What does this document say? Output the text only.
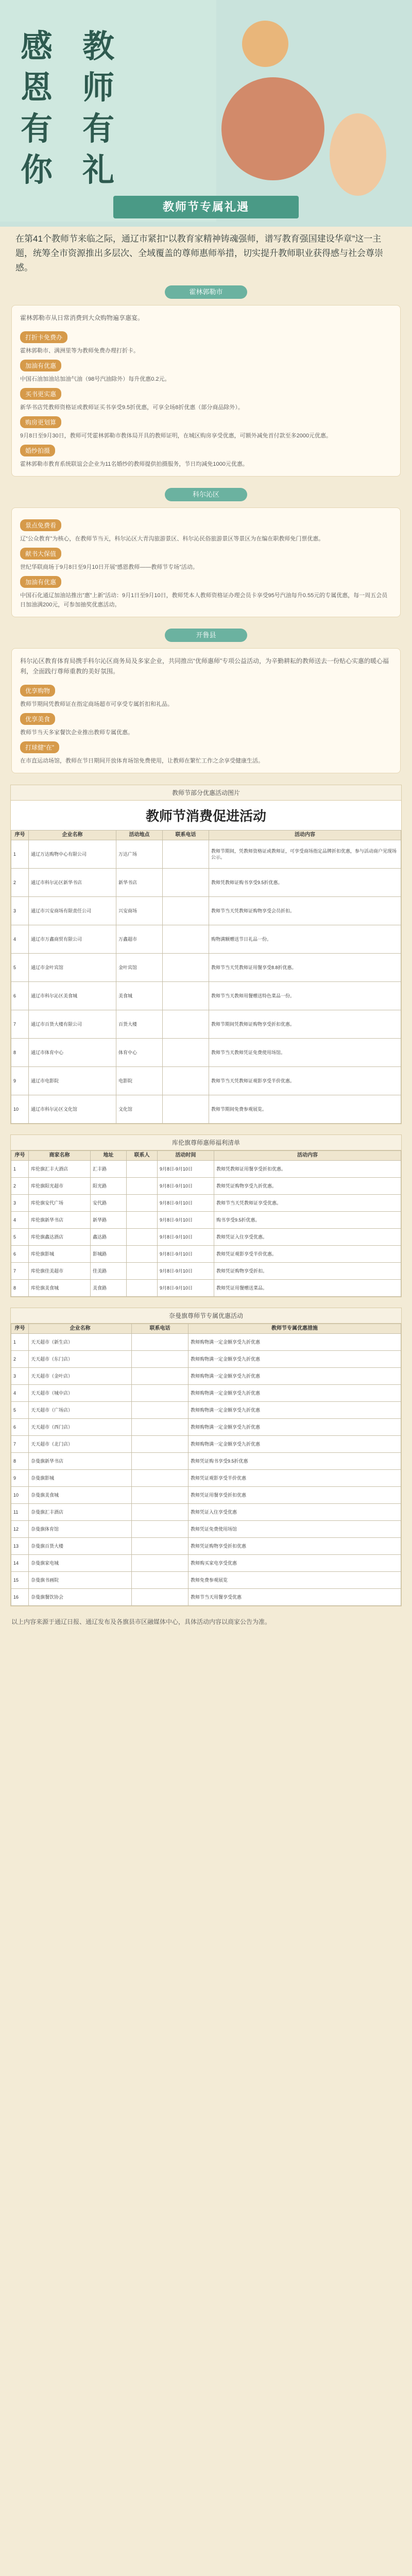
感
恩
有
你
教
师
有
礼
教师节专属礼遇
在第41个教师节来临之际，通辽市紧扣“以教育家精神铸魂强师，谱写教育强国建设华章”这一主题，统筹全市资源推出多层次、全域覆盖的尊师惠师举措，切实提升教师职业获得感与社会尊崇感。
霍林郭勒市
霍林郭勒市从日常消费到大众购物遍享惠宴。
打折卡免费办
霍林郭勒市、满洲里等为教师免费办理打折卡。
加油有优惠
中国石油加油站加油气油（98号汽油除外）每升优惠0.2元。
买书更实惠
新华书店凭教师资格证或教师证买书享受9.5折优惠，可享全场8折优惠（部分商品除外）。
购房更划算
9月8日至9月30日，教师可凭霍林郭勒市教体局开具的教师证明，在城区购房享受优惠，可额外减免首付款至多2000元优惠。
婚纱拍摄
霍林郭勒市教育系统联谊会企业为11名婚纱的教师提供拍摄服务，节日均减免1000元优惠。
科尔沁区
景点免费看
辽”公众教育”为核心，在教师节当天，科尔沁区大青沟旅游景区、科尔沁民俗旅游景区等景区为在编在职教师免门票优惠。
献书大保值
世纪华联商场于9月8日至9月10日开展“感恩教师——教师节专场”活动。
加油有优惠
中国石化通辽加油站推出”惠”上新”活动：9月1日至9月10日，教师凭本人教师资格证办理会员卡享受95号汽油每升0.55元的专属优惠，每一周五会员日加油满200元，可参加抽奖优惠活动。
开鲁县
科尔沁区教育体育局携手科尔沁区商务局及多家企业，共同推出“优师惠师”专项公益活动，为辛勤耕耘的教师送去一份贴心实惠的暖心福利，全面践行尊师重教的美好氛围。
优享购物
教师节期间凭教师证在指定商场超市可享受专属折扣和礼品。
优享美食
教师节当天多家餐饮企业推出教师专属优惠。
打球健“在”
在市直运动场馆，教师在节日期间开放体育场馆免费使用，让教师在繁忙工作之余享受健康生活。
教师节部分优惠活动图片
教师节消费促进活动
序号	企业名称	活动地点	联系电话	活动内容
1	通辽万达购物中心有限公司	万达广场		教师节期间，凭教师资格证或教师证，可享受商场指定品牌折扣优惠，参与活动商户见现场公示。
2	通辽市科尔沁区新华书店	新华书店		教师凭教师证购书享受9.5折优惠。
3	通辽市兴安商场有限责任公司	兴安商场		教师节当天凭教师证购物享受会员折扣。
4	通辽市万鑫商贸有限公司	万鑫超市		购物满额赠送节日礼品一份。
5	通辽市金叶宾馆	金叶宾馆		教师节当天凭教师证用餐享受8.8折优惠。
6	通辽市科尔沁区美食城	美食城		教师节当天教师用餐赠送特色菜品一份。
7	通辽市百货大楼有限公司	百货大楼		教师节期间凭教师证购物享受折扣优惠。
8	通辽市体育中心	体育中心		教师节当天教师凭证免费使用场馆。
9	通辽市电影院	电影院		教师节当天凭教师证观影享受半价优惠。
10	通辽市科尔沁区文化馆	文化馆		教师节期间免费参观展览。
库伦旗尊师惠师福利清单
序号	商家名称	地址	联系人	活动时间	活动内容
1	库伦旗汇丰大酒店	汇丰路		9月8日-9月10日	教师凭教师证用餐享受折扣优惠。
2	库伦旗阳光超市	阳光路		9月8日-9月10日	教师凭证购物享受九折优惠。
3	库伦旗安代广场	安代路		9月8日-9月10日	教师节当天凭教师证享受优惠。
4	库伦旗新华书店	新华路		9月8日-9月10日	购书享受9.5折优惠。
5	库伦旗鑫达酒店	鑫达路		9月8日-9月10日	教师凭证入住享受优惠。
6	库伦旗影城	影城路		9月8日-9月10日	教师凭证观影享受半价优惠。
7	库伦旗佳美超市	佳美路		9月8日-9月10日	教师凭证购物享受折扣。
8	库伦旗美食城	美食路		9月8日-9月10日	教师凭证用餐赠送菜品。
奈曼旗尊师节专属优惠活动
序号	企业名称	联系电话	教师节专属优惠措施
1	天天超市（新生店）		教师购物满一定金额享受九折优惠
2	天天超市（东门店）		教师购物满一定金额享受九折优惠
3	天天超市（金叶店）		教师购物满一定金额享受九折优惠
4	天天超市（城中店）		教师购物满一定金额享受九折优惠
5	天天超市（广场店）		教师购物满一定金额享受九折优惠
6	天天超市（西门店）		教师购物满一定金额享受九折优惠
7	天天超市（北门店）		教师购物满一定金额享受九折优惠
8	奈曼旗新华书店		教师凭证购书享受9.5折优惠
9	奈曼旗影城		教师凭证观影享受半价优惠
10	奈曼旗美食城		教师凭证用餐享受折扣优惠
11	奈曼旗汇丰酒店		教师凭证入住享受优惠
12	奈曼旗体育馆		教师凭证免费使用场馆
13	奈曼旗百货大楼		教师凭证购物享受折扣优惠
14	奈曼旗家电城		教师购买家电享受优惠
15	奈曼旗书画院		教师免费参观展览
16	奈曼旗餐饮协会		教师节当天用餐享受优惠
以上内容来源于通辽日报、通辽发布及各旗县市区融媒体中心，具体活动内容以商家公告为准。
